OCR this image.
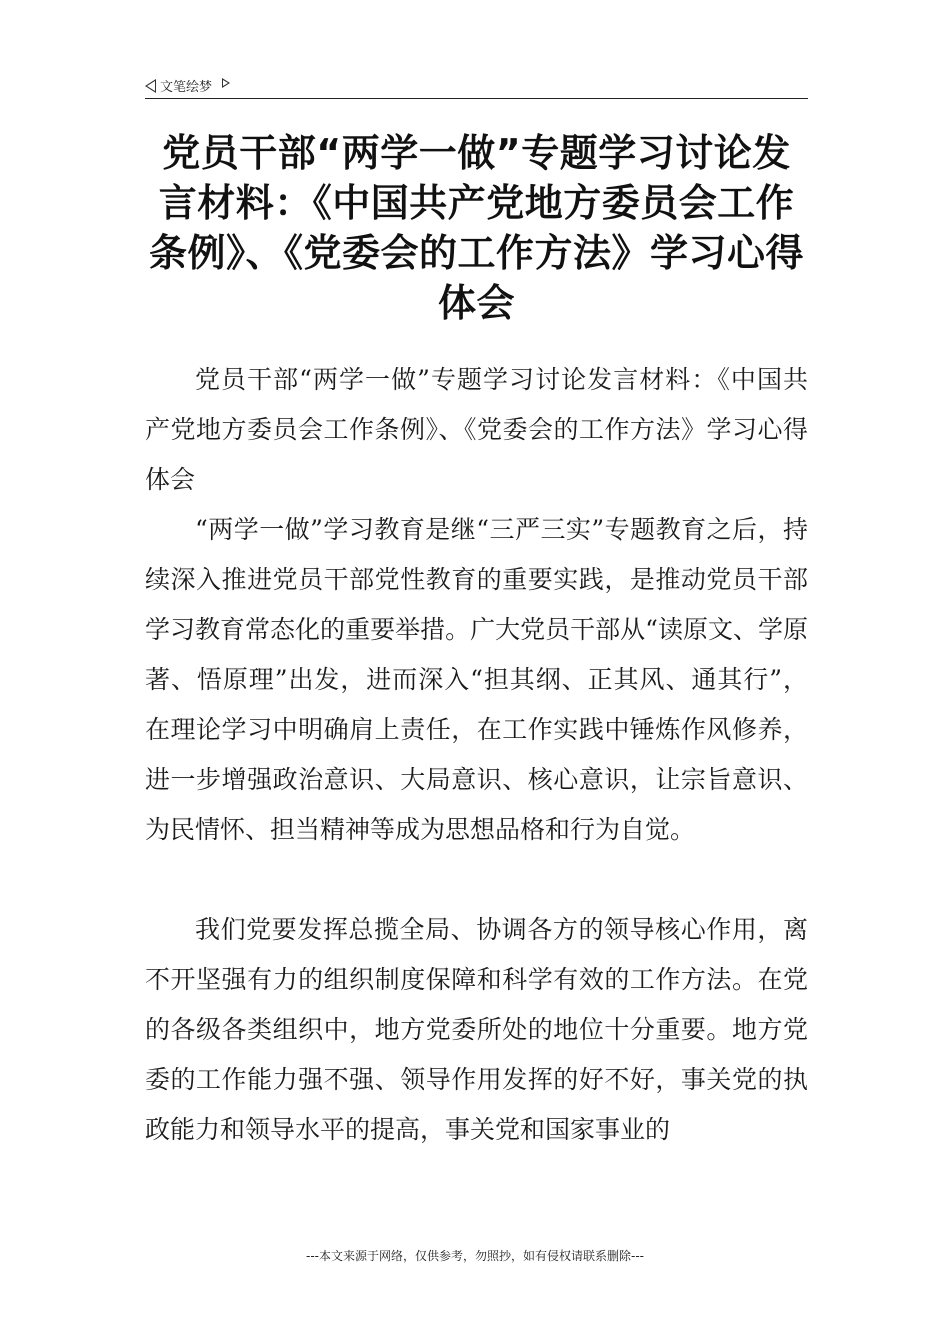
文笔绘梦
党员干部“两学一做”专题学习讨论发言材料：《中国共产党地方委员会工作条例》、《党委会的工作方法》学习心得体会

党员干部“两学一做”专题学习讨论发言材料：《中国共产党地方委员会工作条例》、《党委会的工作方法》学习心得体会

“两学一做”学习教育是继“三严三实”专题教育之后，持续深入推进党员干部党性教育的重要实践，是推动党员干部学习教育常态化的重要举措。广大党员干部从“读原文、学原著、悟原理”出发，进而深入“担其纲、正其风、通其行”，在理论学习中明确肩上责任，在工作实践中锤炼作风修养，进一步增强政治意识、大局意识、核心意识，让宗旨意识、为民情怀、担当精神等成为思想品格和行为自觉。

我们党要发挥总揽全局、协调各方的领导核心作用，离不开坚强有力的组织制度保障和科学有效的工作方法。在党的各级各类组织中，地方党委所处的地位十分重要。地方党委的工作能力强不强、领导作用发挥的好不好，事关党的执政能力和领导水平的提高，事关党和国家事业的

---本文来源于网络，仅供参考，勿照抄，如有侵权请联系删除---
